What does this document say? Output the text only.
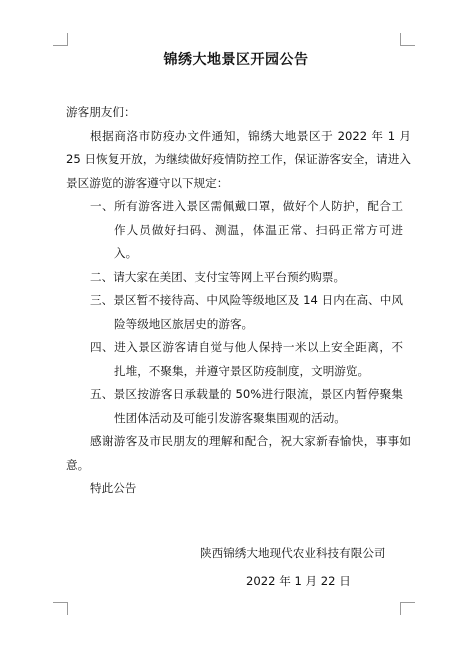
锦绣大地景区开园公告

游客朋友们：

根据商洛市防疫办文件通知，锦绣大地景区于 2022 年 1 月 25 日恢复开放，为继续做好疫情防控工作，保证游客安全，请进入景区游览的游客遵守以下规定：

一、所有游客进入景区需佩戴口罩，做好个人防护，配合工作人员做好扫码、测温，体温正常、扫码正常方可进入。

二、请大家在美团、支付宝等网上平台预约购票。

三、景区暂不接待高、中风险等级地区及 14 日内在高、中风险等级地区旅居史的游客。

四、进入景区游客请自觉与他人保持一米以上安全距离，不扎堆，不聚集，并遵守景区防疫制度，文明游览。

五、景区按游客日承载量的 50%进行限流，景区内暂停聚集性团体活动及可能引发游客聚集围观的活动。

感谢游客及市民朋友的理解和配合，祝大家新春愉快，事事如意。

特此公告

陕西锦绣大地现代农业科技有限公司
2022 年 1 月 22 日
